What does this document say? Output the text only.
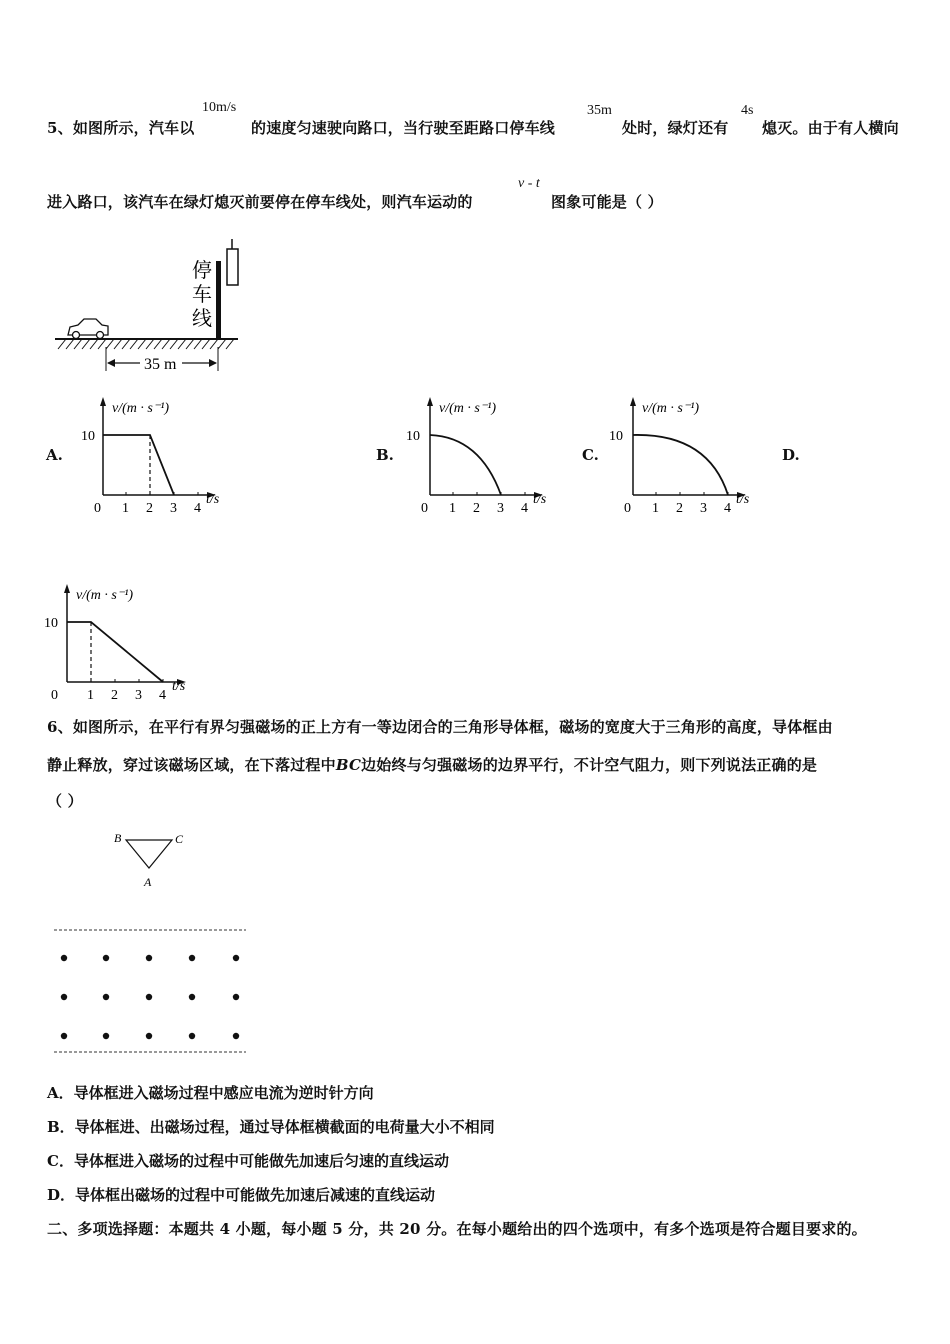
5、如图所示，汽车以
10m/s
的速度匀速驶向路口，当行驶至距路口停车线
35m
处时，绿灯还有
4s
熄灭。由于有人横向
进入路口，该汽车在绿灯熄灭前要停在停车线处，则汽车运动的
v - t
图象可能是（ ）
停
车
线
35 m
A.	B.	C.	D.
v/(m · s⁻¹)
10
0 1 2 3 4
t/s
v/(m · s⁻¹)
10
0 1 2 3 4
t/s
v/(m · s⁻¹)
10
0 1 2 3 4
t/s
v/(m · s⁻¹)
10
0 1 2 3 4
t/s
6、如图所示，在平行有界匀强磁场的正上方有一等边闭合的三角形导体框，磁场的宽度大于三角形的高度，导体框由
静止释放，穿过该磁场区域，在下落过程中BC边始终与匀强磁场的边界平行，不计空气阻力，则下列说法正确的是
（ ）
B	C
A
A．导体框进入磁场过程中感应电流为逆时针方向
B．导体框进、出磁场过程，通过导体框横截面的电荷量大小不相同
C．导体框进入磁场的过程中可能做先加速后匀速的直线运动
D．导体框出磁场的过程中可能做先加速后减速的直线运动
二、多项选择题：本题共 4 小题，每小题 5 分，共 20 分。在每小题给出的四个选项中，有多个选项是符合题目要求的。
